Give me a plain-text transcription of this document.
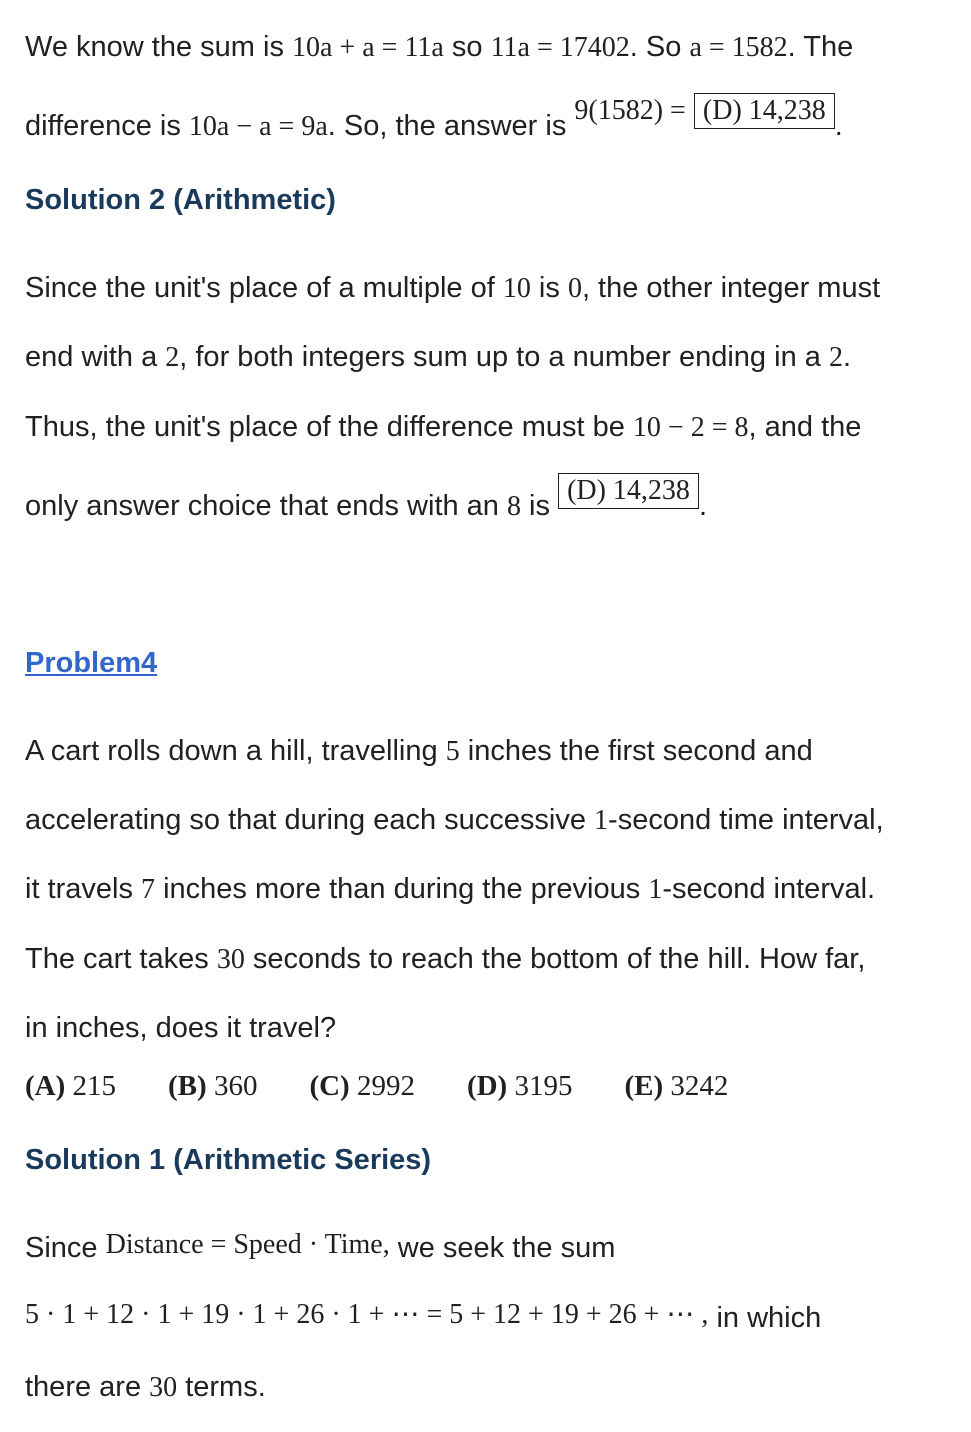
We know the sum is 10a + a = 11a so 11a = 17402. So a = 1582. The
difference is 10a − a = 9a. So, the answer is 9(1582) = (D) 14,238 .
Solution 2 (Arithmetic)
Since the unit's place of a multiple of 10 is 0, the other integer must
end with a 2, for both integers sum up to a number ending in a 2.
Thus, the unit's place of the difference must be 10 − 2 = 8, and the
only answer choice that ends with an 8 is (D) 14,238 .
Problem4
A cart rolls down a hill, travelling 5 inches the first second and
accelerating so that during each successive 1-second time interval,
it travels 7 inches more than during the previous 1-second interval.
The cart takes 30 seconds to reach the bottom of the hill. How far,
in inches, does it travel?
(A) 215 (B) 360 (C) 2992 (D) 3195 (E) 3242
Solution 1 (Arithmetic Series)
Since Distance = Speed · Time, we seek the sum
5 · 1 + 12 · 1 + 19 · 1 + 26 · 1 + ⋯ = 5 + 12 + 19 + 26 + ⋯ , in which
there are 30 terms.
